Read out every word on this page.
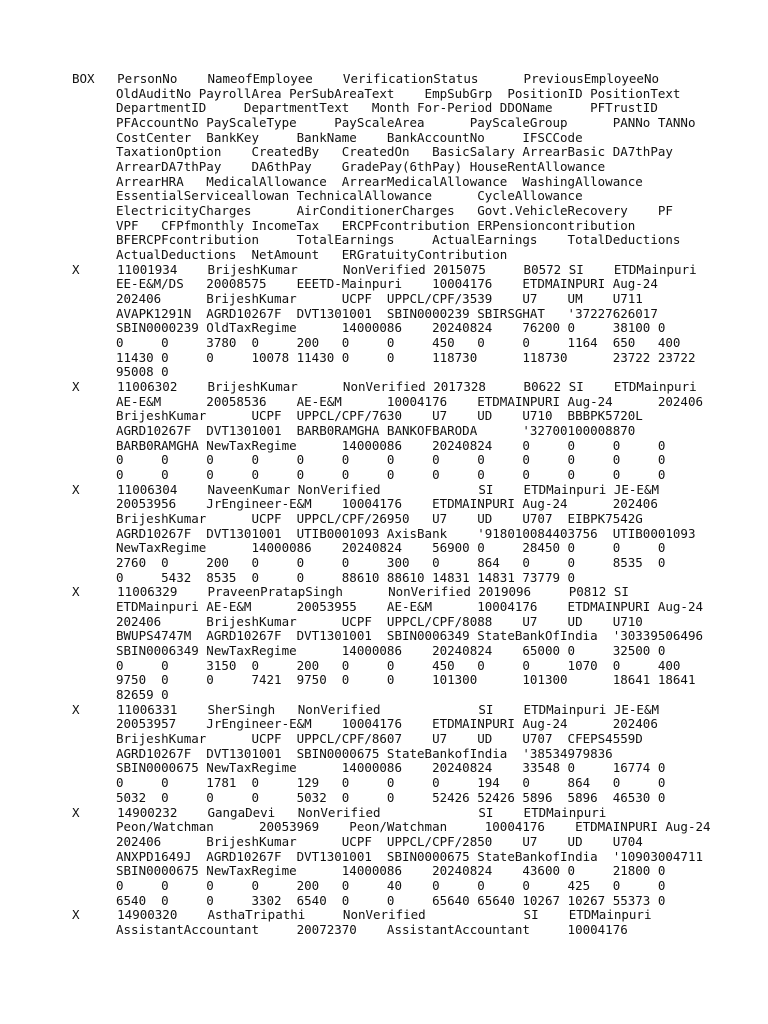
BOX   PersonNo    NameofEmployee    VerificationStatus      PreviousEmployeeNo
OldAuditNo PayrollArea PerSubAreaText    EmpSubGrp  PositionID PositionText
DepartmentID     DepartmentText   Month For-Period DDOName     PFTrustID
PFAccountNo PayScaleType     PayScaleArea      PayScaleGroup      PANNo TANNo
CostCenter  BankKey     BankName    BankAccountNo     IFSCCode
TaxationOption    CreatedBy   CreatedOn   BasicSalary ArrearBasic DA7thPay
ArrearDA7thPay    DA6thPay    GradePay(6thPay) HouseRentAllowance
ArrearHRA   MedicalAllowance  ArrearMedicalAllowance  WashingAllowance
EssentialServiceallowan TechnicalAllowance      CycleAllowance
ElectricityCharges      AirConditionerCharges   Govt.VehicleRecovery    PF
VPF   CFPfmonthly IncomeTax   ERCPFcontribution ERPensioncontribution
BFERCPFcontribution     TotalEarnings     ActualEarnings    TotalDeductions
ActualDeductions  NetAmount   ERGratuityContribution
X     11001934    BrijeshKumar      NonVerified 2015075     B0572 SI    ETDMainpuri
EE-E&M/DS   20008575    EEETD-Mainpuri    10004176    ETDMAINPURI Aug-24
202406      BrijeshKumar      UCPF  UPPCL/CPF/3539    U7    UM    U711
AVAPK1291N  AGRD10267F  DVT1301001  SBIN0000239 SBIRSGHAT   '37227626017
SBIN0000239 OldTaxRegime      14000086    20240824    76200 0     38100 0
0     0     3780  0     200   0     0     450   0     0     1164  650   400
11430 0     0     10078 11430 0     0     118730      118730      23722 23722
95008 0
X     11006302    BrijeshKumar      NonVerified 2017328     B0622 SI    ETDMainpuri
AE-E&M      20058536    AE-E&M      10004176    ETDMAINPURI Aug-24      202406
BrijeshKumar      UCPF  UPPCL/CPF/7630    U7    UD    U710  BBBPK5720L
AGRD10267F  DVT1301001  BARB0RAMGHA BANKOFBARODA      '32700100008870
BARB0RAMGHA NewTaxRegime      14000086    20240824    0     0     0     0
0     0     0     0     0     0     0     0     0     0     0     0     0
0     0     0     0     0     0     0     0     0     0     0     0     0
X     11006304    NaveenKumar NonVerified             SI    ETDMainpuri JE-E&M
20053956    JrEngineer-E&M    10004176    ETDMAINPURI Aug-24      202406
BrijeshKumar      UCPF  UPPCL/CPF/26950   U7    UD    U707  EIBPK7542G
AGRD10267F  DVT1301001  UTIB0001093 AxisBank    '918010084403756  UTIB0001093
NewTaxRegime      14000086    20240824    56900 0     28450 0     0     0
2760  0     200   0     0     0     300   0     864   0     0     8535  0
0     5432  8535  0     0     88610 88610 14831 14831 73779 0
X     11006329    PraveenPratapSingh      NonVerified 2019096     P0812 SI
ETDMainpuri AE-E&M      20053955    AE-E&M      10004176    ETDMAINPURI Aug-24
202406      BrijeshKumar      UCPF  UPPCL/CPF/8088    U7    UD    U710
BWUPS4747M  AGRD10267F  DVT1301001  SBIN0006349 StateBankOfIndia  '30339506496
SBIN0006349 NewTaxRegime      14000086    20240824    65000 0     32500 0
0     0     3150  0     200   0     0     450   0     0     1070  0     400
9750  0     0     7421  9750  0     0     101300      101300      18641 18641
82659 0
X     11006331    SherSingh   NonVerified             SI    ETDMainpuri JE-E&M
20053957    JrEngineer-E&M    10004176    ETDMAINPURI Aug-24      202406
BrijeshKumar      UCPF  UPPCL/CPF/8607    U7    UD    U707  CFEPS4559D
AGRD10267F  DVT1301001  SBIN0000675 StateBankofIndia  '38534979836
SBIN0000675 NewTaxRegime      14000086    20240824    33548 0     16774 0
0     0     1781  0     129   0     0     0     194   0     864   0     0
5032  0     0     0     5032  0     0     52426 52426 5896  5896  46530 0
X     14900232    GangaDevi   NonVerified             SI    ETDMainpuri
Peon/Watchman      20053969    Peon/Watchman     10004176    ETDMAINPURI Aug-24
202406      BrijeshKumar      UCPF  UPPCL/CPF/2850    U7    UD    U704
ANXPD1649J  AGRD10267F  DVT1301001  SBIN0000675 StateBankofIndia  '10903004711
SBIN0000675 NewTaxRegime      14000086    20240824    43600 0     21800 0
0     0     0     0     200   0     40    0     0     0     425   0     0
6540  0     0     3302  6540  0     0     65640 65640 10267 10267 55373 0
X     14900320    AsthaTripathi     NonVerified             SI    ETDMainpuri
AssistantAccountant     20072370    AssistantAccountant     10004176
